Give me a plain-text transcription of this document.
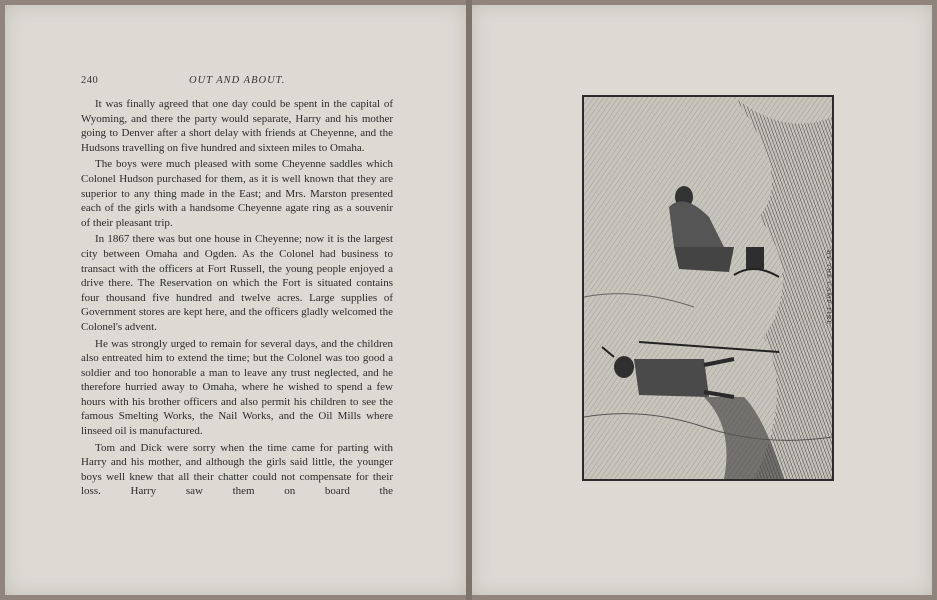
240	OUT AND ABOUT.

It was finally agreed that one day could be spent in the capital of Wyoming, and there the party would separate, Harry and his mother going to Denver after a short delay with friends at Cheyenne, and the Hudsons travelling on five hundred and sixteen miles to Omaha.

The boys were much pleased with some Cheyenne saddles which Colonel Hudson purchased for them, as it is well known that they are superior to any thing made in the East; and Mrs. Marston presented each of the girls with a handsome Cheyenne agate ring as a souvenir of their pleasant trip.

In 1867 there was but one house in Cheyenne; now it is the largest city between Omaha and Ogden. As the Colonel had business to transact with the officers at Fort Russell, the young people enjoyed a drive there. The Reservation on which the Fort is situated contains four thousand five hundred and twelve acres. Large supplies of Government stores are kept here, and the officers gladly welcomed the Colonel's advent.

He was strongly urged to remain for several days, and the children also entreated him to extend the time; but the Colonel was too good a soldier and too honorable a man to leave any trust neglected, and he therefore hurried away to Omaha, where he wished to spend a few hours with his brother officers and also permit his children to see the famous Smelting Works, the Nail Works, and the Oil Mills where linseed oil is manufactured.

Tom and Dick were sorry when the time came for parting with Harry and his mother, and although the girls said little, the younger boys well knew that all their chatter could not compensate for their loss. Harry saw them on board the

BY THE CAMP-FIRE.
